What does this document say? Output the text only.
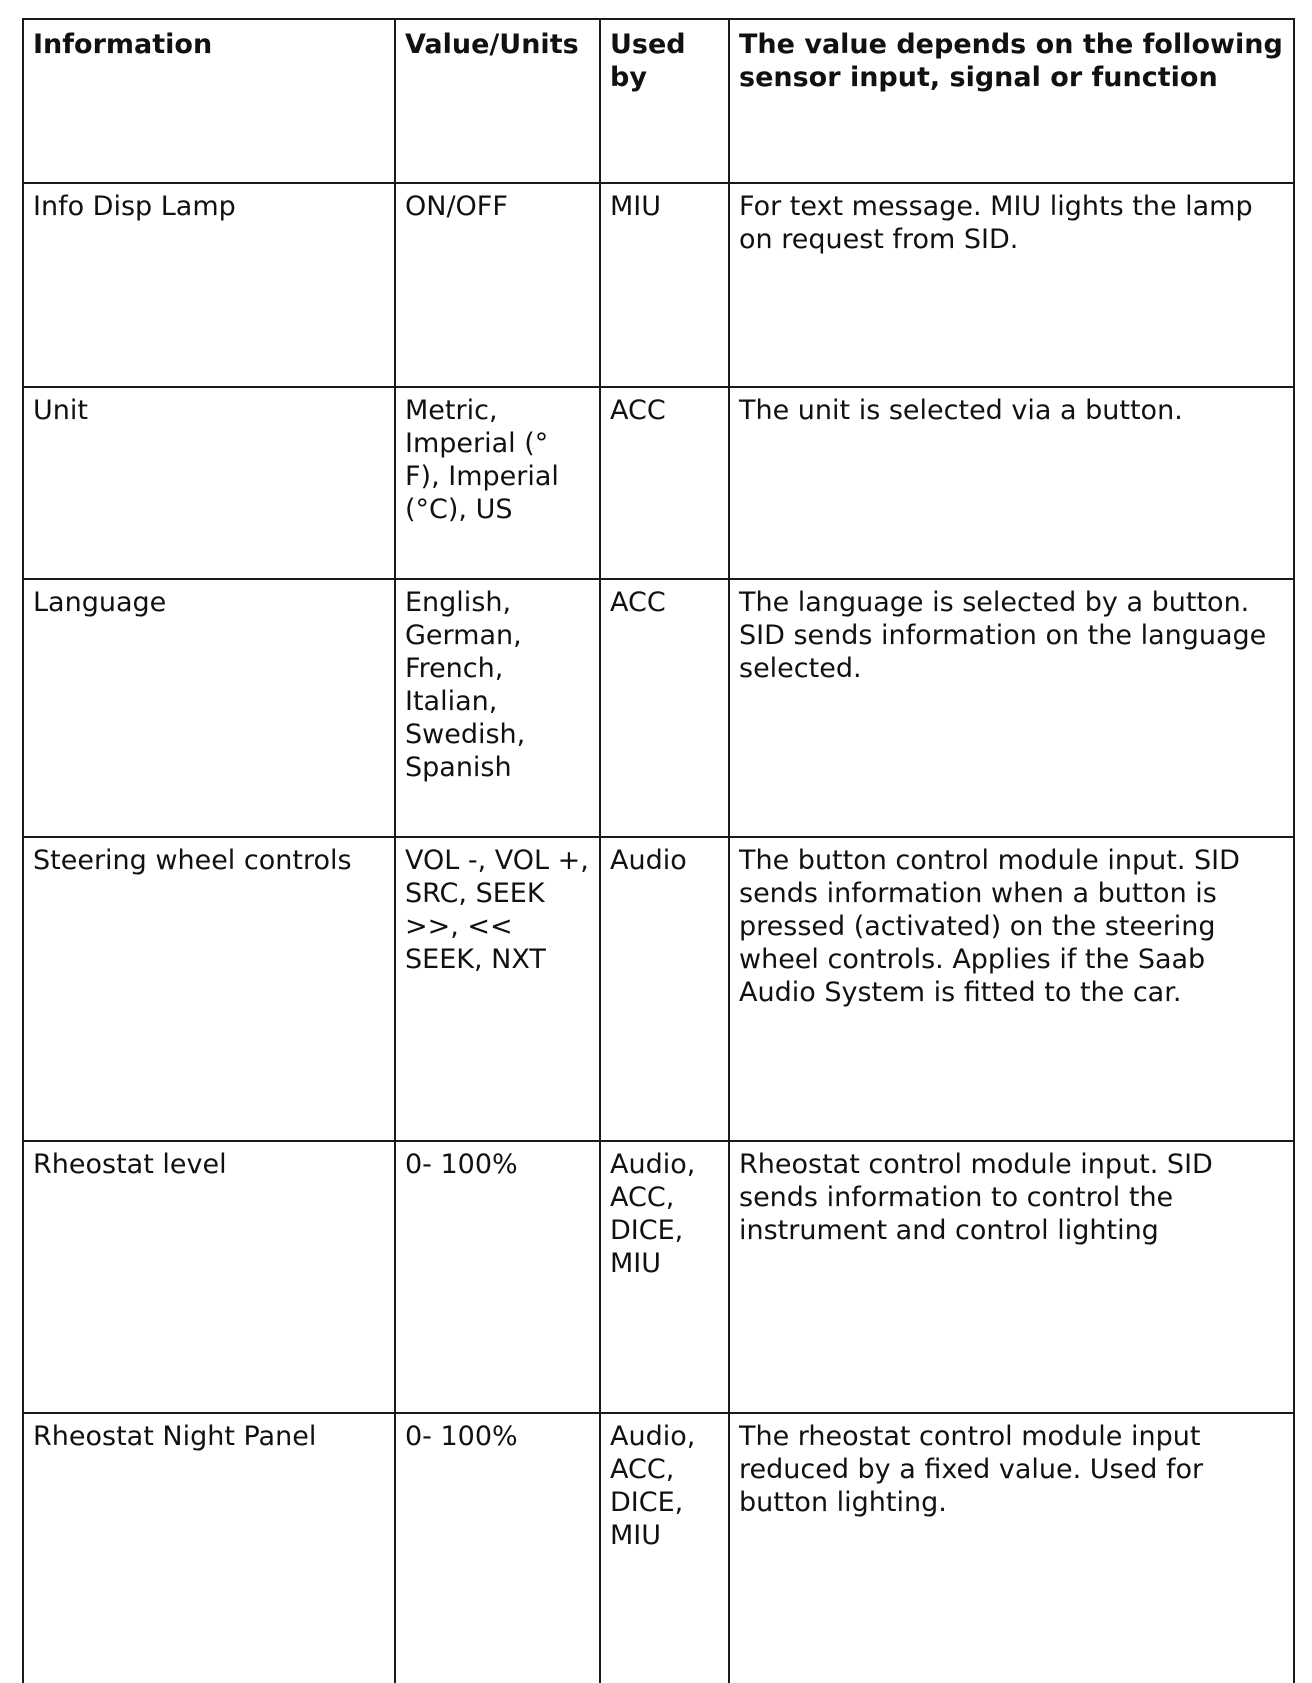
Information	Value/Units	Used by	The value depends on the following sensor input, signal or function
Info Disp Lamp	ON/OFF	MIU	For text message. MIU lights the lamp on request from SID.
Unit	Metric, Imperial (° F), Imperial (°C), US	ACC	The unit is selected via a button.
Language	English, German, French, Italian, Swedish, Spanish	ACC	The language is selected by a button. SID sends information on the language selected.
Steering wheel controls	VOL -, VOL +, SRC, SEEK >>, << SEEK, NXT	Audio	The button control module input. SID sends information when a button is pressed (activated) on the steering wheel controls. Applies if the Saab Audio System is fitted to the car.
Rheostat level	0- 100%	Audio, ACC, DICE, MIU	Rheostat control module input. SID sends information to control the instrument and control lighting
Rheostat Night Panel	0- 100%	Audio, ACC, DICE, MIU	The rheostat control module input reduced by a fixed value. Used for button lighting.
